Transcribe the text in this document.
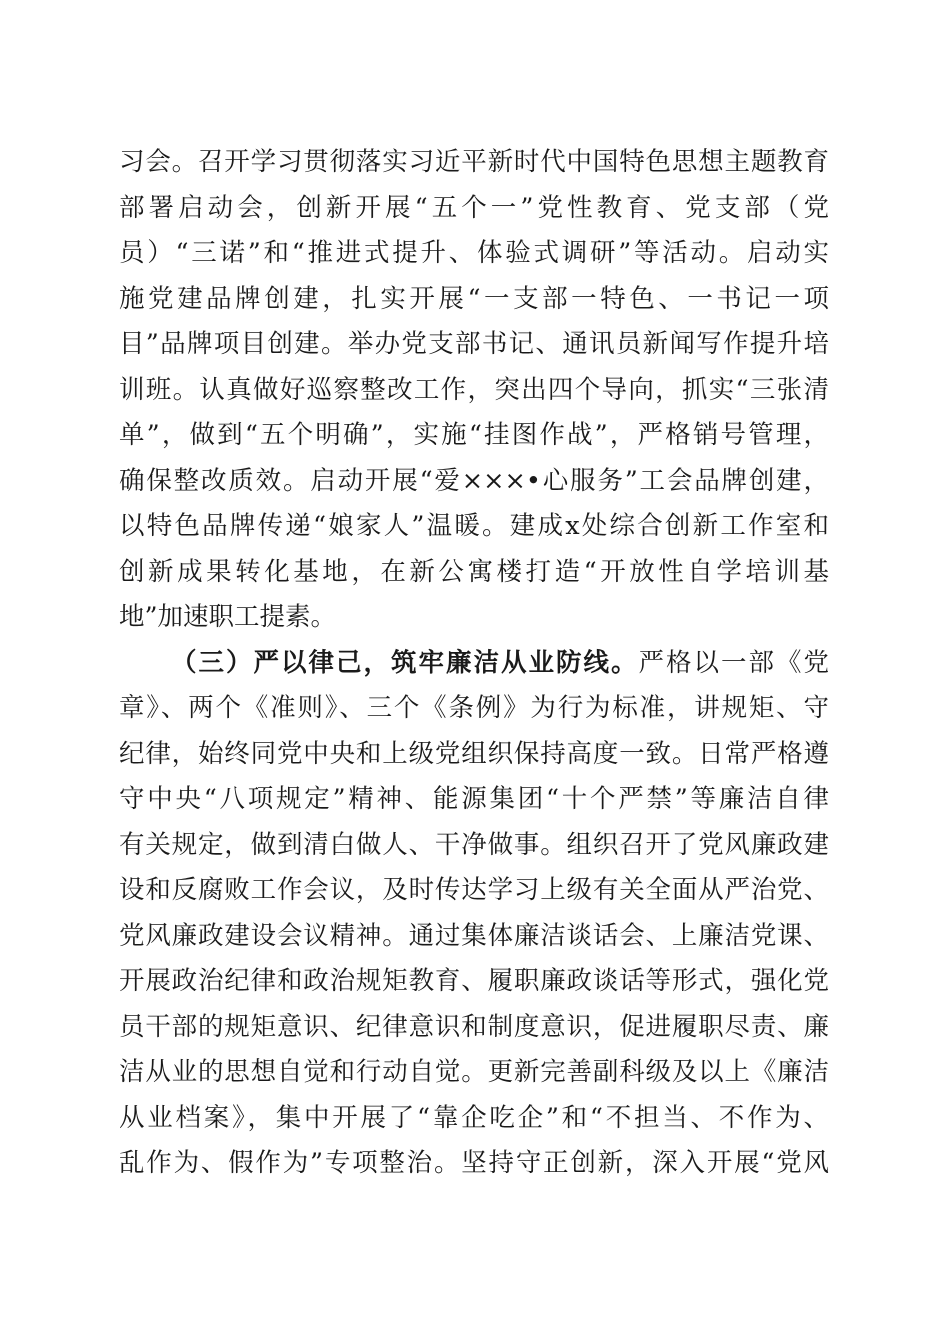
习会。召开学习贯彻落实习近平新时代中国特色思想主题教育
部署启动会，创新开展“五个一”党性教育、党支部（党
员）“三诺”和“推进式提升、体验式调研”等活动。启动实
施党建品牌创建，扎实开展“一支部一特色、一书记一项
目”品牌项目创建。举办党支部书记、通讯员新闻写作提升培
训班。认真做好巡察整改工作，突出四个导向，抓实“三张清
单”，做到“五个明确”，实施“挂图作战”，严格销号管理，
确保整改质效。启动开展“爱×××•心服务”工会品牌创建，
以特色品牌传递“娘家人”温暖。建成x处综合创新工作室和
创新成果转化基地，在新公寓楼打造“开放性自学培训基
地”加速职工提素。
（三）严以律己，筑牢廉洁从业防线。严格以一部《党
章》、两个《准则》、三个《条例》为行为标准，讲规矩、守
纪律，始终同党中央和上级党组织保持高度一致。日常严格遵
守中央“八项规定”精神、能源集团“十个严禁”等廉洁自律
有关规定，做到清白做人、干净做事。组织召开了党风廉政建
设和反腐败工作会议，及时传达学习上级有关全面从严治党、
党风廉政建设会议精神。通过集体廉洁谈话会、上廉洁党课、
开展政治纪律和政治规矩教育、履职廉政谈话等形式，强化党
员干部的规矩意识、纪律意识和制度意识，促进履职尽责、廉
洁从业的思想自觉和行动自觉。更新完善副科级及以上《廉洁
从业档案》，集中开展了“靠企吃企”和“不担当、不作为、
乱作为、假作为”专项整治。坚持守正创新，深入开展“党风
